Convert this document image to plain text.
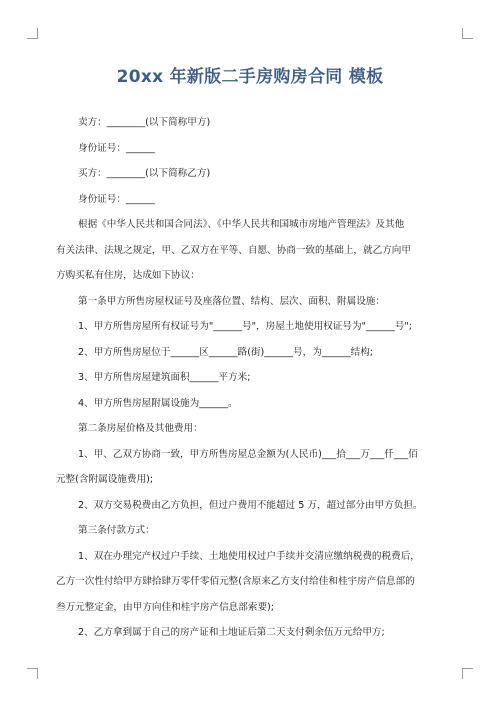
20xx 年新版二手房购房合同 模板

卖方：________(以下简称甲方)

身份证号：______

买方：________(以下简称乙方)

身份证号：______

根据《中华人民共和国合同法》、《中华人民共和国城市房地产管理法》及其他

有关法律、法规之规定，甲、乙双方在平等、自愿、协商一致的基础上，就乙方向甲

方购买私有住房，达成如下协议：

第一条甲方所售房屋权证号及座落位置、结构、层次、面积、附属设施：

1、甲方所售房屋所有权证号为"______号"，房屋土地使用权证号为"______号";

2、甲方所售房屋位于______区______路(街)______号，为______结构;

3、甲方所售房屋建筑面积______平方米;

4、甲方所售房屋附属设施为______。

第二条房屋价格及其他费用：

1、甲、乙双方协商一致，甲方所售房屋总金额为(人民币)___拾___万___仟___佰

元整(含附属设施费用);

2、双方交易税费由乙方负担，但过户费用不能超过 5 万，超过部分由甲方负担。

第三条付款方式：

1、双在办理完产权过户手续、土地使用权过户手续并交清应缴纳税费的税费后，

乙方一次性付给甲方肆拾肆万零仟零佰元整(含原来乙方支付给佳和桂宇房产信息部的

叁万元整定金，由甲方向佳和桂宇房产信息部索要);

2、乙方拿到属于自己的房产证和土地证后第二天支付剩余伍万元给甲方;
